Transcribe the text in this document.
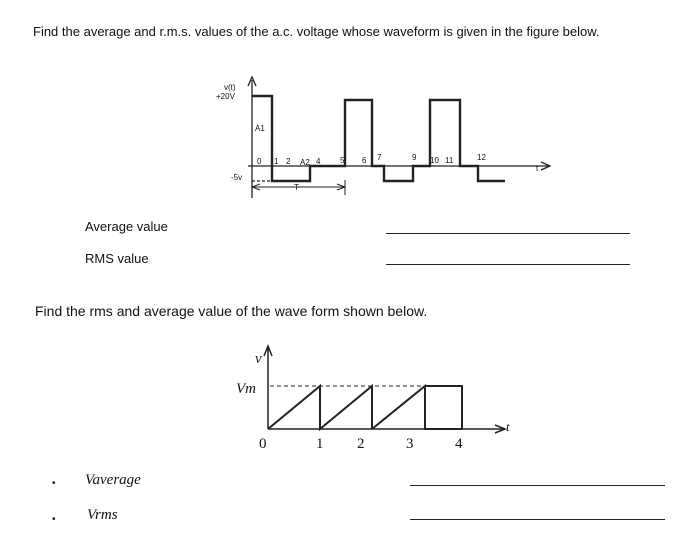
Find the average and r.m.s. values of the a.c. voltage whose waveform is given in the figure below.
v(t)
+20V
-5v
A1
A2
T
t
0 1 2	4 5 6 7	9 10 11	12
Average value
RMS value
Find the rms and average value of the wave form shown below.
v
Vm
t
0	1 2	3	4
• Vaverage
• Vrms
